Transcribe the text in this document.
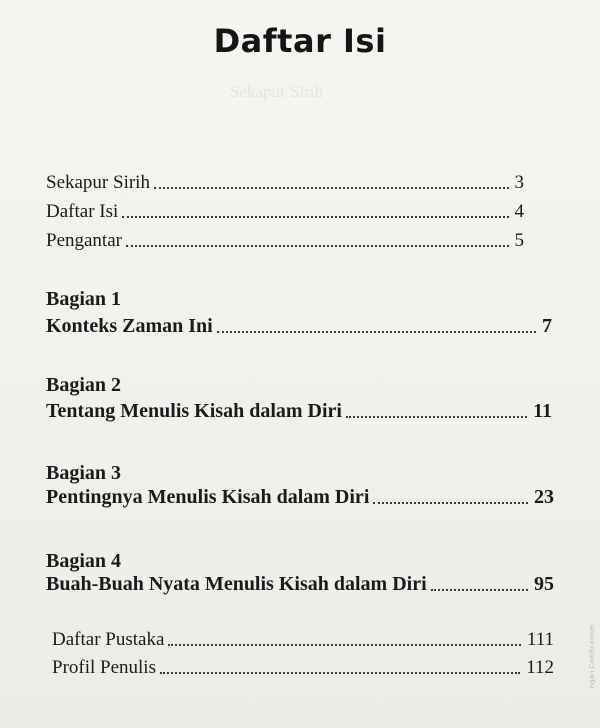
Sekapur Sirih
Daftar Isi
Sekapur Sirih	3
Daftar Isi	4
Pengantar	5
Bagian 1
Konteks Zaman Ini	7
Bagian 2
Tentang Menulis Kisah dalam Diri	11
Bagian 3
Pentingnya Menulis Kisah dalam Diri	23
Bagian 4
Buah-Buah Nyata Menulis Kisah dalam Diri	95
Daftar Pustaka	111
Profil Penulis	112	ngan CamScanner
